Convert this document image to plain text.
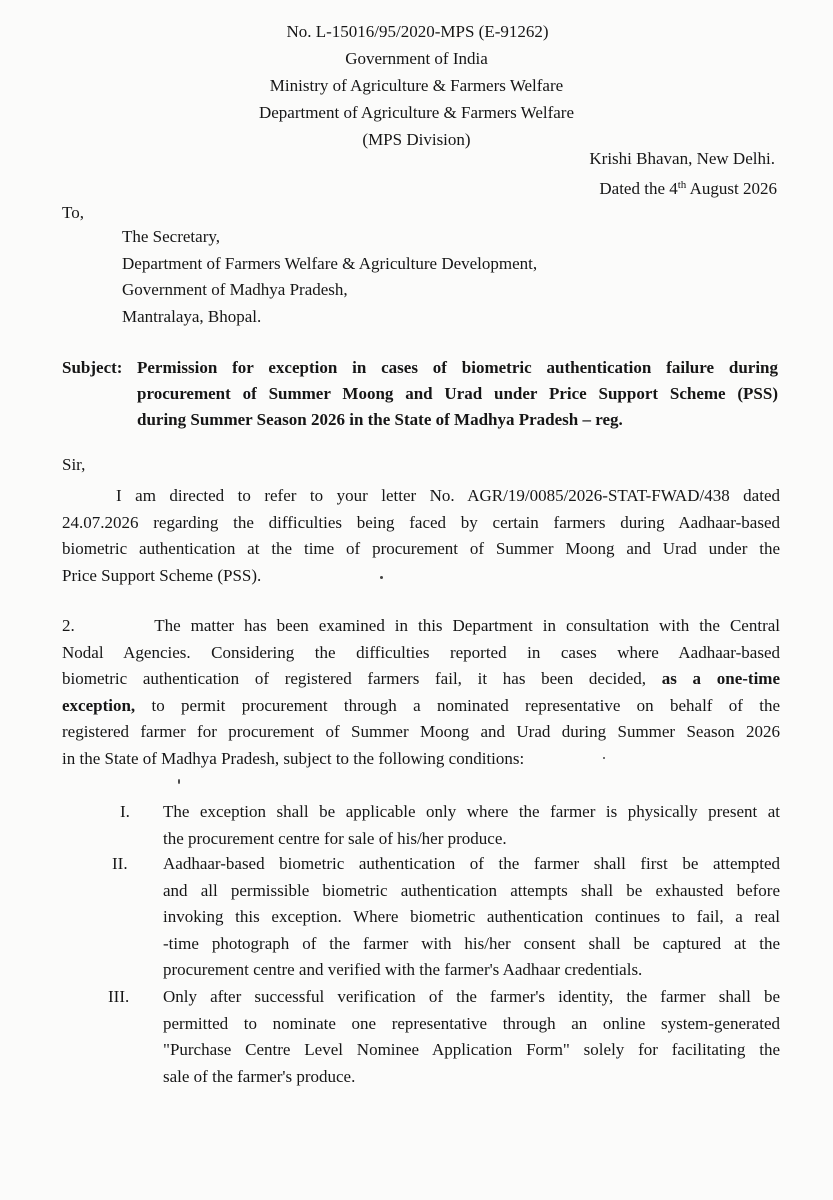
No. L-15016/95/2020-MPS (E-91262)
Government of India
Ministry of Agriculture & Farmers Welfare
Department of Agriculture & Farmers Welfare
(MPS Division)
Krishi Bhavan, New Delhi.
Dated the 4th August 2026
To,
The Secretary,
Department of Farmers Welfare & Agriculture Development,
Government of Madhya Pradesh,
Mantralaya, Bhopal.
Subject: Permission for exception in cases of biometric authentication failure during
procurement of Summer Moong and Urad under Price Support Scheme (PSS)
during Summer Season 2026 in the State of Madhya Pradesh – reg.
Sir,
I am directed to refer to your letter No. AGR/19/0085/2026-STAT-FWAD/438 dated
24.07.2026 regarding the difficulties being faced by certain farmers during Aadhaar-based
biometric authentication at the time of procurement of Summer Moong and Urad under the
Price Support Scheme (PSS).
2.        The matter has been examined in this Department in consultation with the Central
Nodal Agencies. Considering the difficulties reported in cases where Aadhaar-based
biometric authentication of registered farmers fail, it has been decided, as a one-time
exception, to permit procurement through a nominated representative on behalf of the
registered farmer for procurement of Summer Moong and Urad during Summer Season 2026
in the State of Madhya Pradesh, subject to the following conditions:
I.	The exception shall be applicable only where the farmer is physically present at
the procurement centre for sale of his/her produce.
II.	Aadhaar-based biometric authentication of the farmer shall first be attempted
and all permissible biometric authentication attempts shall be exhausted before
invoking this exception. Where biometric authentication continues to fail, a real
-time photograph of the farmer with his/her consent shall be captured at the
procurement centre and verified with the farmer's Aadhaar credentials.
III.	Only after successful verification of the farmer's identity, the farmer shall be
permitted to nominate one representative through an online system-generated
"Purchase Centre Level Nominee Application Form" solely for facilitating the
sale of the farmer's produce.
